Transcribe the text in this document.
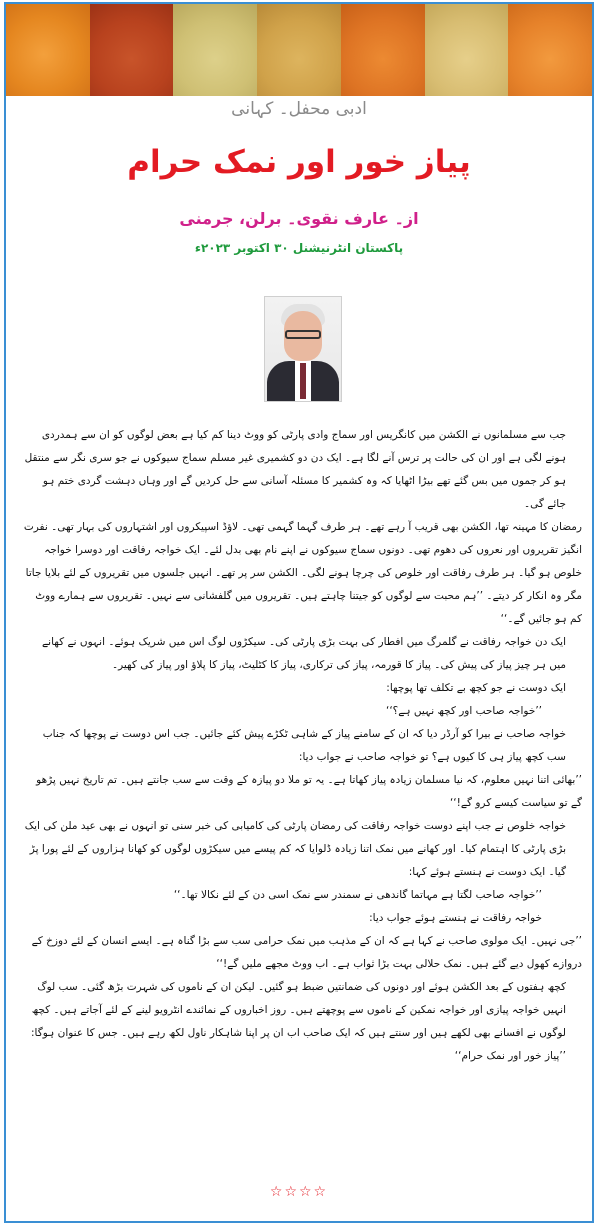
ادبی محفل۔ کہانی
پیاز خور اور نمک حرام
از۔ عارف نقوی۔ برلن، جرمنی
پاکستان انٹرنیشنل ۳۰ اکتوبر ۲۰۲۳ء

جب سے مسلمانوں نے الکشن میں کانگریس اور سماج وادی پارٹی کو ووٹ دینا کم کیا ہے بعض لوگوں کو ان سے ہمدردی ہونے لگی ہے اور ان کی حالت پر ترس آنے لگا ہے۔ ایک دن دو کشمیری غیر مسلم سماج سیوکوں نے جو سری نگر سے منتقل ہو کر جموں میں بس گئے تھے بیڑا اٹھایا کہ وہ کشمیر کا مسئلہ آسانی سے حل کردیں گے اور وہاں دہشت گردی ختم ہو جائے گی۔

رمضان کا مہینہ تھا، الکشن بھی قریب آ رہے تھے۔ ہر طرف گہما گہمی تھی۔ لاؤڈ اسپیکروں اور اشتہاروں کی بہار تھی۔ نفرت انگیز تقریروں اور نعروں کی دھوم تھی۔ دونوں سماج سیوکوں نے اپنے نام بھی بدل لئے۔ ایک خواجہ رفاقت اور دوسرا خواجہ خلوص ہو گیا۔ ہر طرف رفاقت اور خلوص کی چرچا ہونے لگی۔ الکشن سر پر تھے۔ انہیں جلسوں میں تقریروں کے لئے بلایا جاتا مگر وہ انکار کر دیتے۔ ’’ہم محبت سے لوگوں کو جیتنا چاہتے ہیں۔ تقریروں میں گلفشانی سے نہیں۔ تقریروں سے ہمارے ووٹ کم ہو جائیں گے۔‘‘

ایک دن خواجہ رفاقت نے گلمرگ میں افطار کی بہت بڑی پارٹی کی۔ سیکڑوں لوگ اس میں شریک ہوئے۔ انہوں نے کھانے میں ہر چیز پیاز کی پیش کی۔ پیاز کا قورمہ، پیاز کی ترکاری، پیاز کا کٹلیٹ، پیاز کا پلاؤ اور پیاز کی کھیر۔

ایک دوست نے جو کچھ بے تکلف تھا پوچھا:

’’خواجہ صاحب اور کچھ نہیں ہے؟‘‘

خواجہ صاحب نے بیرا کو آرڈر دیا کہ ان کے سامنے پیاز کے شاہی ٹکڑے پیش کئے جائیں۔ جب اس دوست نے پوچھا کہ جناب سب کچھ پیاز ہی کا کیوں ہے؟ تو خواجہ صاحب نے جواب دیا:

’’بھائی اتنا نہیں معلوم، کہ نیا مسلمان زیادہ پیاز کھاتا ہے۔ یہ تو ملا دو پیازہ کے وقت سے سب جانتے ہیں۔ تم تاریخ نہیں پڑھو گے تو سیاست کیسے کرو گے!‘‘

خواجہ خلوص نے جب اپنے دوست خواجہ رفاقت کی رمضان پارٹی کی کامیابی کی خبر سنی تو انہوں نے بھی عید ملن کی ایک بڑی پارٹی کا اہتمام کیا۔ اور کھانے میں نمک اتنا زیادہ ڈلوایا کہ کم پیسے میں سیکڑوں لوگوں کو کھانا ہزاروں کے لئے پورا پڑ گیا۔ ایک دوست نے ہنستے ہوئے کہا:

’’خواجہ صاحب لگتا ہے مہاتما گاندھی نے سمندر سے نمک اسی دن کے لئے نکالا تھا۔‘‘

خواجہ رفاقت نے ہنستے ہوئے جواب دیا:

’’جی نہیں۔ ایک مولوی صاحب نے کہا ہے کہ ان کے مذہب میں نمک حرامی سب سے بڑا گناہ ہے۔ ایسے انسان کے لئے دوزخ کے دروازے کھول دیے گئے ہیں۔ نمک حلالی بہت بڑا ثواب ہے۔ اب ووٹ مجھے ملیں گے!‘‘

کچھ ہفتوں کے بعد الکشن ہوئے اور دونوں کی ضمانتیں ضبط ہو گئیں۔ لیکن ان کے ناموں کی شہرت بڑھ گئی۔ سب لوگ انہیں خواجہ پیازی اور خواجہ نمکین کے ناموں سے پوچھتے ہیں۔ روز اخباروں کے نمائندے انٹرویو لینے کے لئے آجاتے ہیں۔ کچھ لوگوں نے افسانے بھی لکھے ہیں اور سنتے ہیں کہ ایک صاحب اب ان پر اپنا شاہکار ناول لکھ رہے ہیں۔ جس کا عنوان ہوگا: ’’پیاز خور اور نمک حرام‘‘

☆☆☆☆
